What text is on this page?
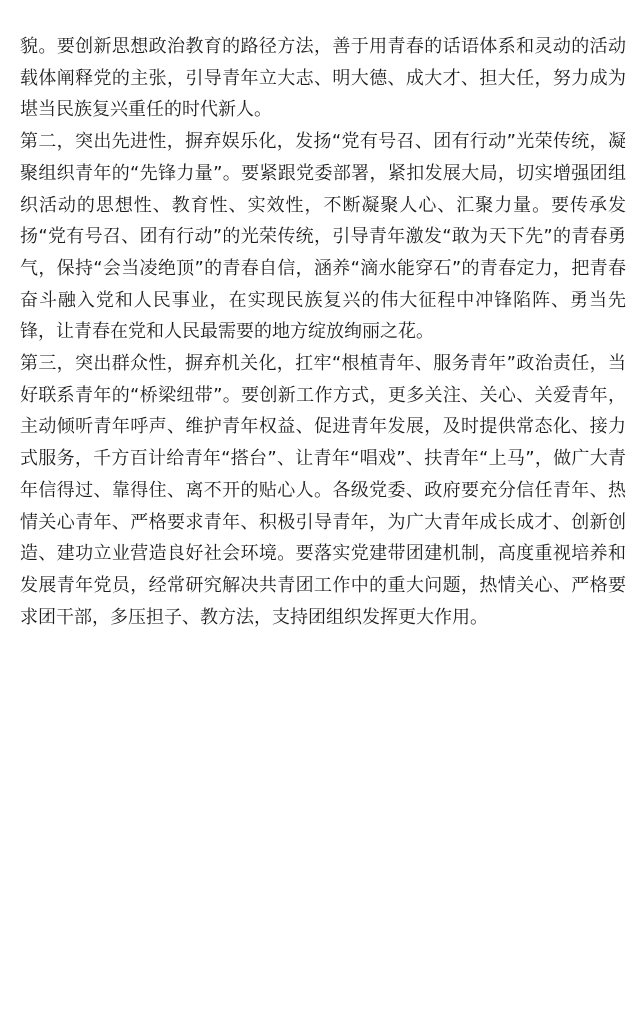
貌。要创新思想政治教育的路径方法，善于用青春的话语体系和灵动的活动载体阐释党的主张，引导青年立大志、明大德、成大才、担大任，努力成为堪当民族复兴重任的时代新人。

第二，突出先进性，摒弃娱乐化，发扬“党有号召、团有行动”光荣传统，凝聚组织青年的“先锋力量”。要紧跟党委部署，紧扣发展大局，切实增强团组织活动的思想性、教育性、实效性，不断凝聚人心、汇聚力量。要传承发扬“党有号召、团有行动”的光荣传统，引导青年激发“敢为天下先”的青春勇气，保持“会当凌绝顶”的青春自信，涵养“滴水能穿石”的青春定力，把青春奋斗融入党和人民事业，在实现民族复兴的伟大征程中冲锋陷阵、勇当先锋，让青春在党和人民最需要的地方绽放绚丽之花。

第三，突出群众性，摒弃机关化，扛牢“根植青年、服务青年”政治责任，当好联系青年的“桥梁纽带”。要创新工作方式，更多关注、关心、关爱青年，主动倾听青年呼声、维护青年权益、促进青年发展，及时提供常态化、接力式服务，千方百计给青年“搭台”、让青年“唱戏”、扶青年“上马”，做广大青年信得过、靠得住、离不开的贴心人。各级党委、政府要充分信任青年、热情关心青年、严格要求青年、积极引导青年，为广大青年成长成才、创新创造、建功立业营造良好社会环境。要落实党建带团建机制，高度重视培养和发展青年党员，经常研究解决共青团工作中的重大问题，热情关心、严格要求团干部，多压担子、教方法，支持团组织发挥更大作用。
